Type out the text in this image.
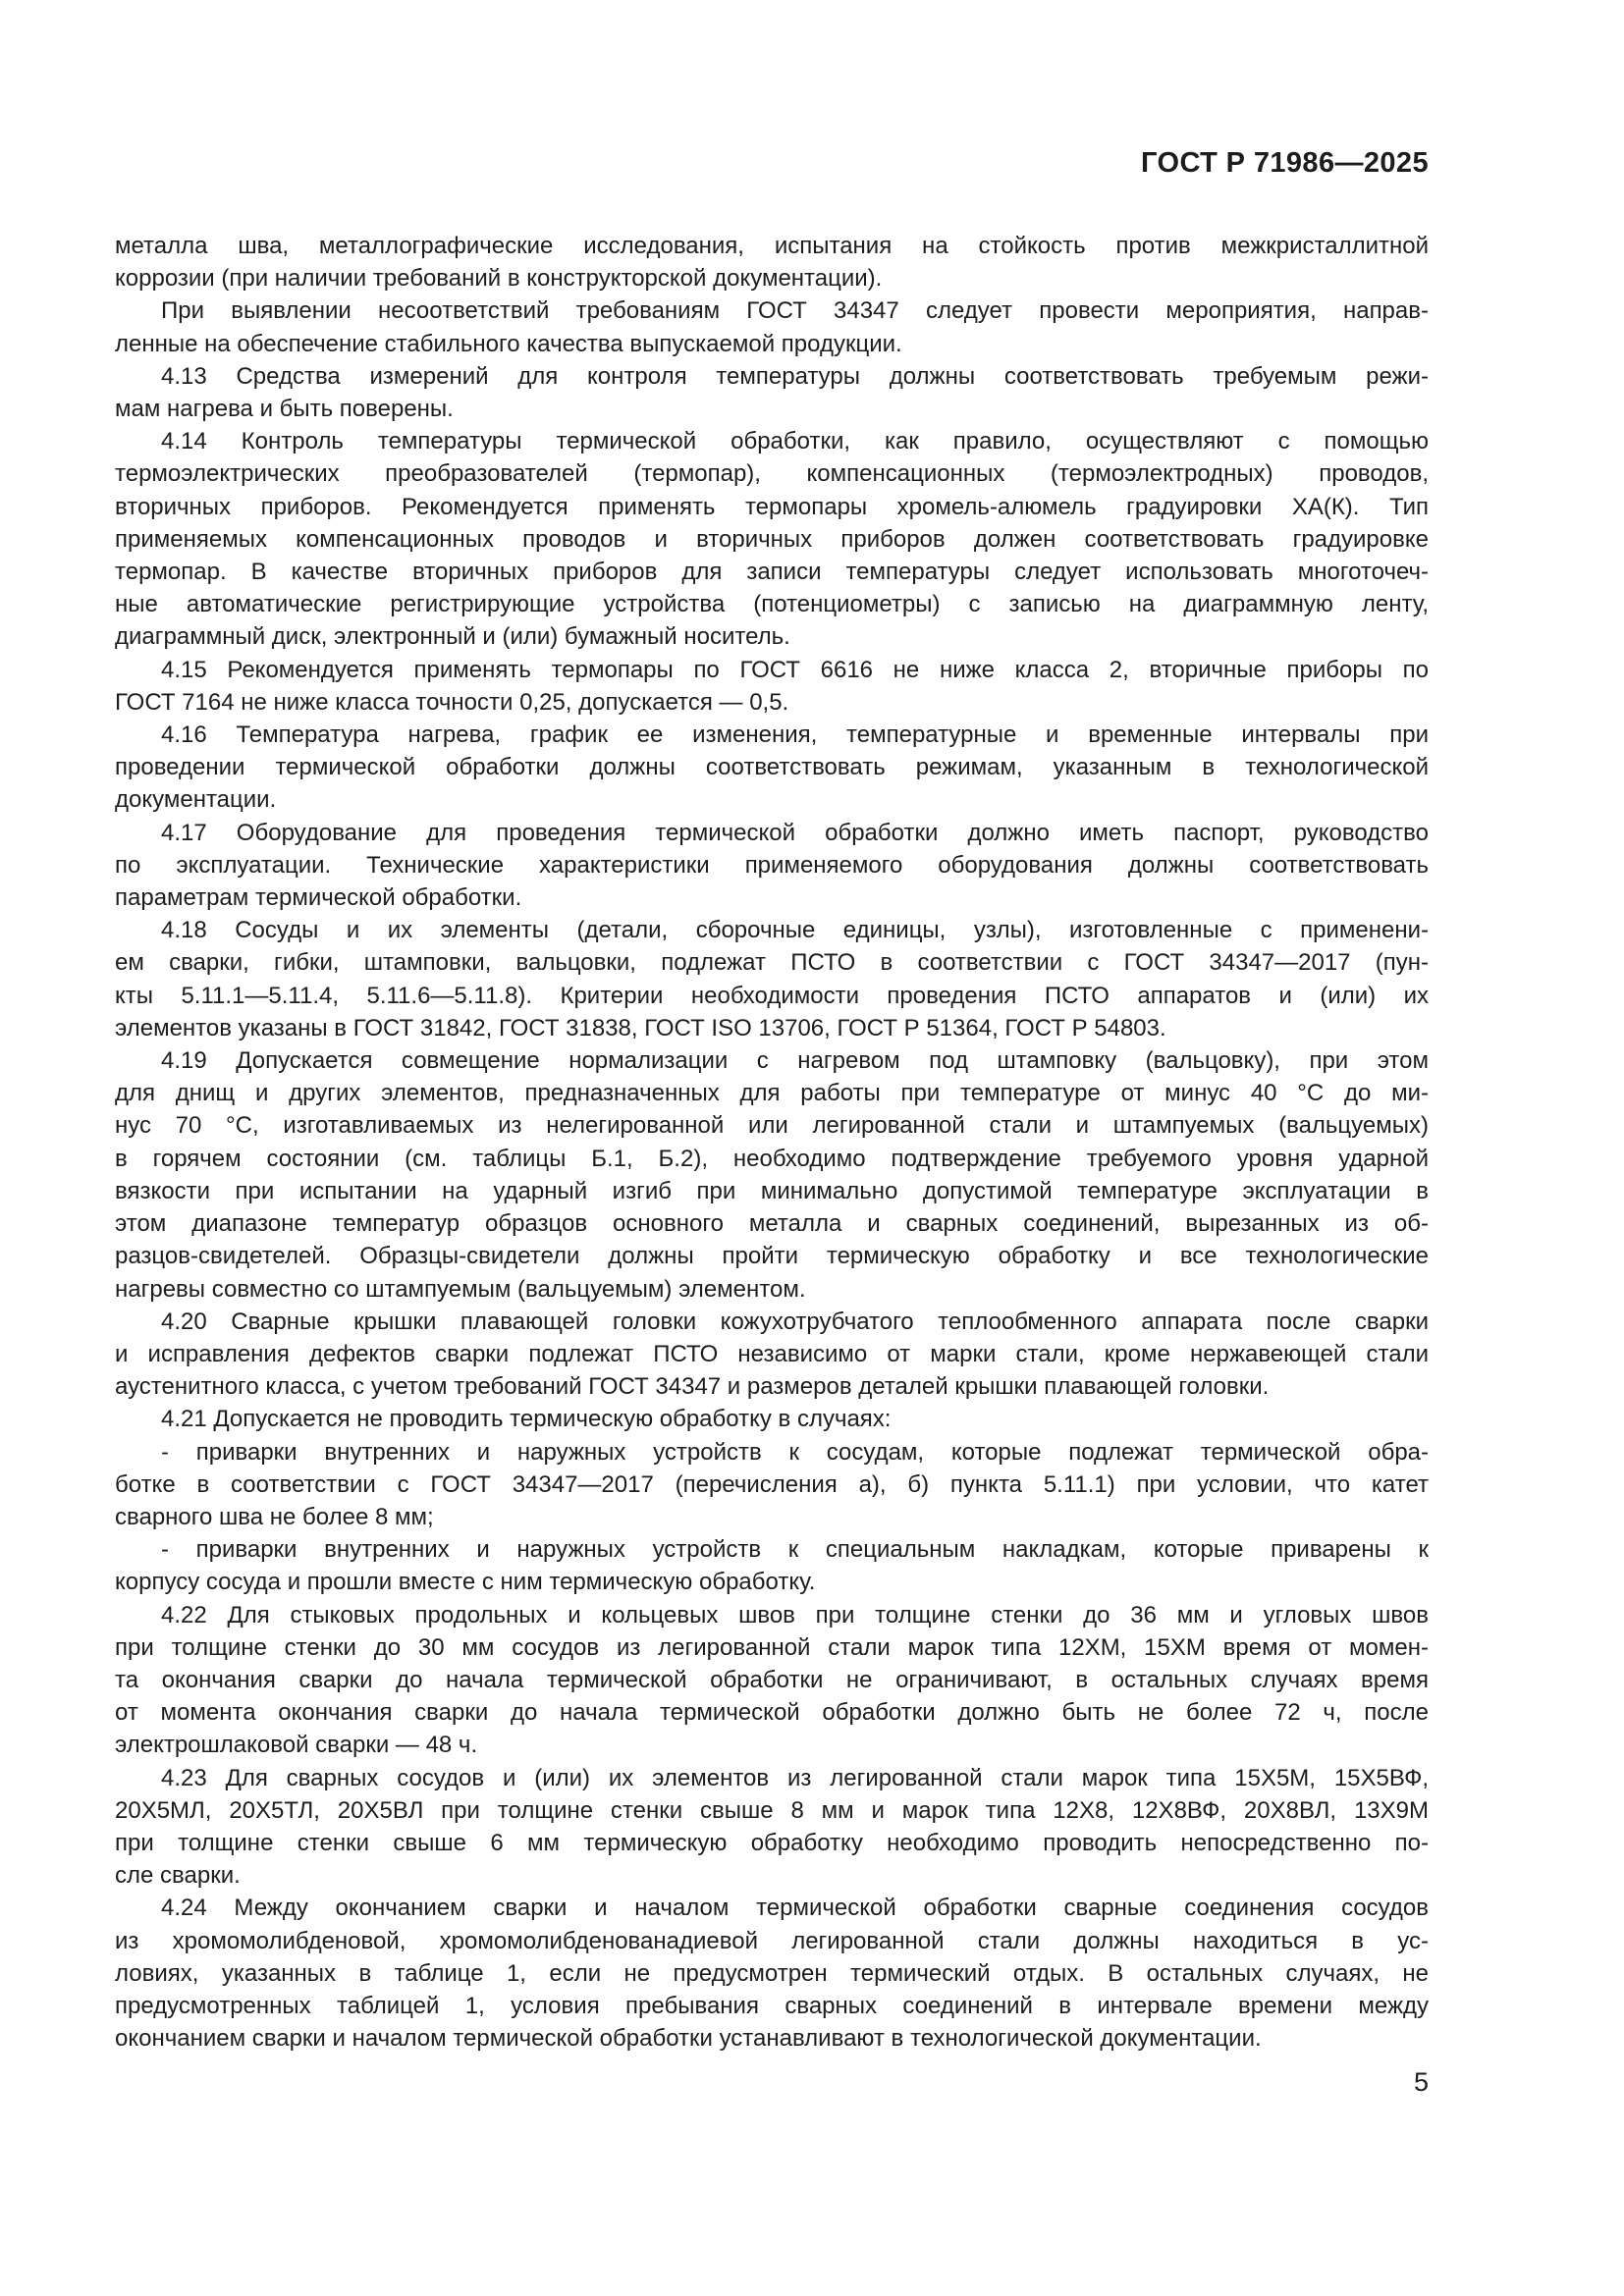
ГОСТ Р 71986—2025
металла шва, металлографические исследования, испытания на стойкость против межкристаллитной
коррозии (при наличии требований в конструкторской документации).
При выявлении несоответствий требованиям ГОСТ 34347 следует провести мероприятия, направ-
ленные на обеспечение стабильного качества выпускаемой продукции.
4.13 Средства измерений для контроля температуры должны соответствовать требуемым режи-
мам нагрева и быть поверены.
4.14 Контроль температуры термической обработки, как правило, осуществляют с помощью
термоэлектрических преобразователей (термопар), компенсационных (термоэлектродных) проводов,
вторичных приборов. Рекомендуется применять термопары хромель-алюмель градуировки ХА(К). Тип
применяемых компенсационных проводов и вторичных приборов должен соответствовать градуировке
термопар. В качестве вторичных приборов для записи температуры следует использовать многоточеч-
ные автоматические регистрирующие устройства (потенциометры) с записью на диаграммную ленту,
диаграммный диск, электронный и (или) бумажный носитель.
4.15 Рекомендуется применять термопары по ГОСТ 6616 не ниже класса 2, вторичные приборы по
ГОСТ 7164 не ниже класса точности 0,25, допускается — 0,5.
4.16 Температура нагрева, график ее изменения, температурные и временные интервалы при
проведении термической обработки должны соответствовать режимам, указанным в технологической
документации.
4.17 Оборудование для проведения термической обработки должно иметь паспорт, руководство
по эксплуатации. Технические характеристики применяемого оборудования должны соответствовать
параметрам термической обработки.
4.18 Сосуды и их элементы (детали, сборочные единицы, узлы), изготовленные с применени-
ем сварки, гибки, штамповки, вальцовки, подлежат ПСТО в соответствии с ГОСТ 34347—2017 (пун-
кты 5.11.1—5.11.4, 5.11.6—5.11.8). Критерии необходимости проведения ПСТО аппаратов и (или) их
элементов указаны в ГОСТ 31842, ГОСТ 31838, ГОСТ ISO 13706, ГОСТ Р 51364, ГОСТ Р 54803.
4.19 Допускается совмещение нормализации с нагревом под штамповку (вальцовку), при этом
для днищ и других элементов, предназначенных для работы при температуре от минус 40 °С до ми-
нус 70 °С, изготавливаемых из нелегированной или легированной стали и штампуемых (вальцуемых)
в горячем состоянии (см. таблицы Б.1, Б.2), необходимо подтверждение требуемого уровня ударной
вязкости при испытании на ударный изгиб при минимально допустимой температуре эксплуатации в
этом диапазоне температур образцов основного металла и сварных соединений, вырезанных из об-
разцов-свидетелей. Образцы-свидетели должны пройти термическую обработку и все технологические
нагревы совместно со штампуемым (вальцуемым) элементом.
4.20 Сварные крышки плавающей головки кожухотрубчатого теплообменного аппарата после сварки
и исправления дефектов сварки подлежат ПСТО независимо от марки стали, кроме нержавеющей стали
аустенитного класса, с учетом требований ГОСТ 34347 и размеров деталей крышки плавающей головки.
4.21 Допускается не проводить термическую обработку в случаях:
- приварки внутренних и наружных устройств к сосудам, которые подлежат термической обра-
ботке в соответствии с ГОСТ 34347—2017 (перечисления а), б) пункта 5.11.1) при условии, что катет
сварного шва не более 8 мм;
- приварки внутренних и наружных устройств к специальным накладкам, которые приварены к
корпусу сосуда и прошли вместе с ним термическую обработку.
4.22 Для стыковых продольных и кольцевых швов при толщине стенки до 36 мм и угловых швов
при толщине стенки до 30 мм сосудов из легированной стали марок типа 12ХМ, 15ХМ время от момен-
та окончания сварки до начала термической обработки не ограничивают, в остальных случаях время
от момента окончания сварки до начала термической обработки должно быть не более 72 ч, после
электрошлаковой сварки — 48 ч.
4.23 Для сварных сосудов и (или) их элементов из легированной стали марок типа 15Х5М, 15Х5ВФ,
20Х5МЛ, 20Х5ТЛ, 20Х5ВЛ при толщине стенки свыше 8 мм и марок типа 12Х8, 12Х8ВФ, 20Х8ВЛ, 13Х9М
при толщине стенки свыше 6 мм термическую обработку необходимо проводить непосредственно по-
сле сварки.
4.24 Между окончанием сварки и началом термической обработки сварные соединения сосудов
из хромомолибденовой, хромомолибденованадиевой легированной стали должны находиться в ус-
ловиях, указанных в таблице 1, если не предусмотрен термический отдых. В остальных случаях, не
предусмотренных таблицей 1, условия пребывания сварных соединений в интервале времени между
окончанием сварки и началом термической обработки устанавливают в технологической документации.
5
